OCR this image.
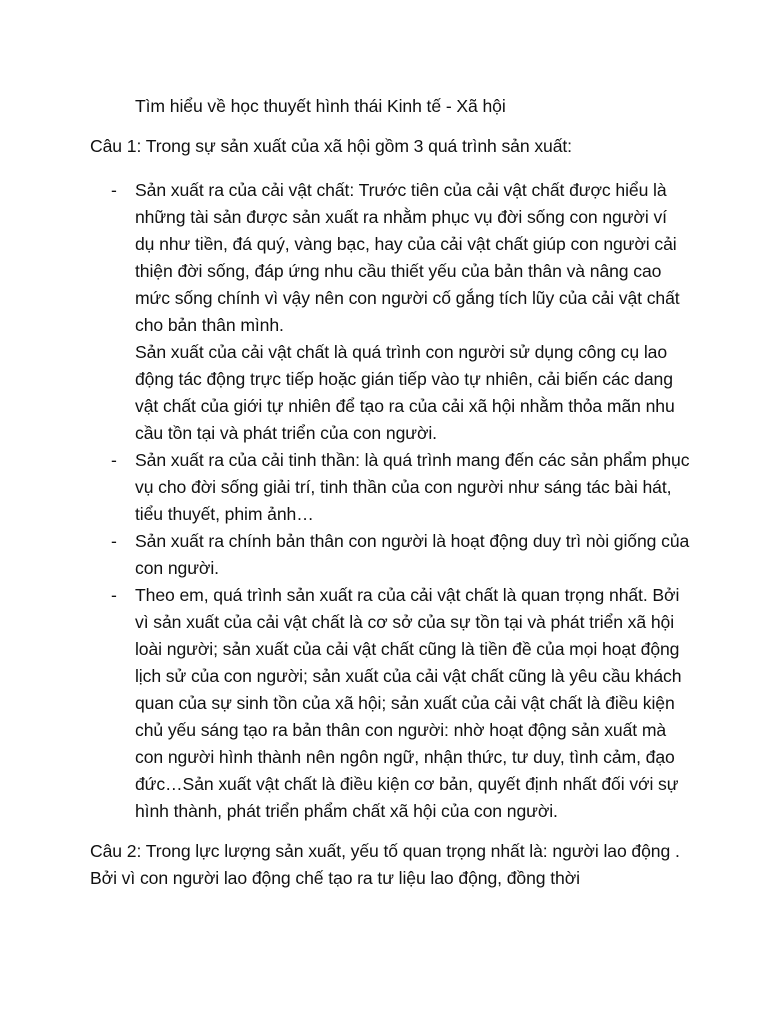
Tìm hiểu về học thuyết hình thái Kinh tế - Xã hội
Câu 1: Trong sự sản xuất của xã hội gồm 3 quá trình sản xuất:
- Sản xuất ra của cải vật chất: Trước tiên của cải vật chất được hiểu là những tài sản được sản xuất ra nhằm phục vụ đời sống con người ví dụ như tiền, đá quý, vàng bạc, hay của cải vật chất giúp con người cải thiện đời sống, đáp ứng nhu cầu thiết yếu của bản thân và nâng cao mức sống chính vì vậy nên con người cố gắng tích lũy của cải vật chất cho bản thân mình.
Sản xuất của cải vật chất là quá trình con người sử dụng công cụ lao động tác động trực tiếp hoặc gián tiếp vào tự nhiên, cải biến các dang vật chất của giới tự nhiên để tạo ra của cải xã hội nhằm thỏa mãn nhu cầu tồn tại và phát triển của con người.
- Sản xuất ra của cải tinh thần: là quá trình mang đến các sản phẩm phục vụ cho đời sống giải trí, tinh thần của con người như sáng tác bài hát, tiểu thuyết, phim ảnh…
- Sản xuất ra chính bản thân con người là hoạt động duy trì nòi giống của con người.
- Theo em, quá trình sản xuất ra của cải vật chất là quan trọng nhất. Bởi vì sản xuất của cải vật chất là cơ sở của sự tồn tại và phát triển xã hội loài người; sản xuất của cải vật chất cũng là tiền đề của mọi hoạt động lịch sử của con người; sản xuất của cải vật chất cũng là yêu cầu khách quan của sự sinh tồn của xã hội; sản xuất của cải vật chất là điều kiện chủ yếu sáng tạo ra bản thân con người: nhờ hoạt động sản xuất mà con người hình thành nên ngôn ngữ, nhận thức, tư duy, tình cảm, đạo đức…Sản xuất vật chất là điều kiện cơ bản, quyết định nhất đối với sự hình thành, phát triển phẩm chất xã hội của con người.
Câu 2: Trong lực lượng sản xuất, yếu tố quan trọng nhất là: người lao động . Bởi vì con người lao động chế tạo ra tư liệu lao động, đồng thời
